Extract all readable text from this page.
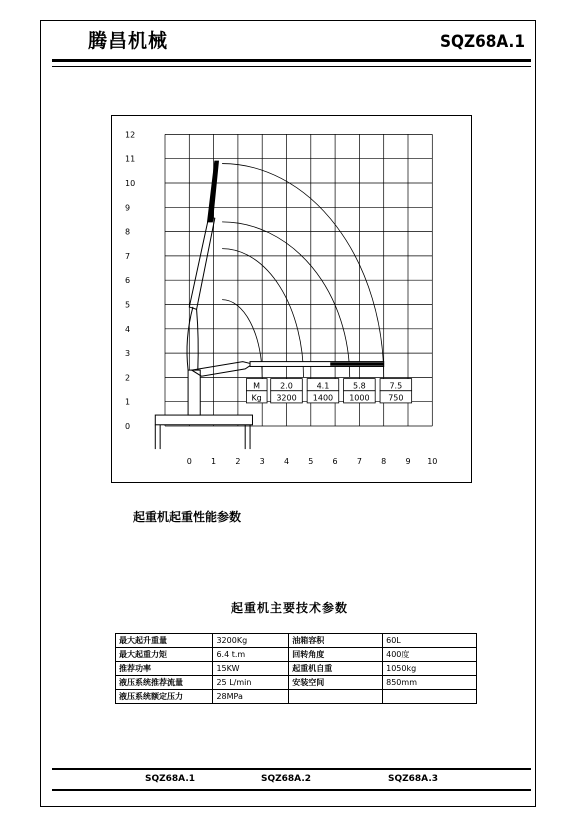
腾昌机械	SQZ68A.1
0
1
2
3
4
5
6
7
8
9
10
11
12
0 1 2 3 4 5 6 7 8 9 10
M	2.0	4.1	5.8	7.5
Kg 3200 1400 1000 750
起重机起重性能参数
起重机主要技术参数
最大起升重量	3200Kg	油箱容积	60L
最大起重力矩	6.4 t.m	回转角度	400度
推荐功率	15KW	起重机自重	1050kg
液压系统推荐流量	25 L/min	安装空间	850mm
液压系统额定压力	28MPa		
SQZ68A.1	SQZ68A.2	SQZ68A.3
